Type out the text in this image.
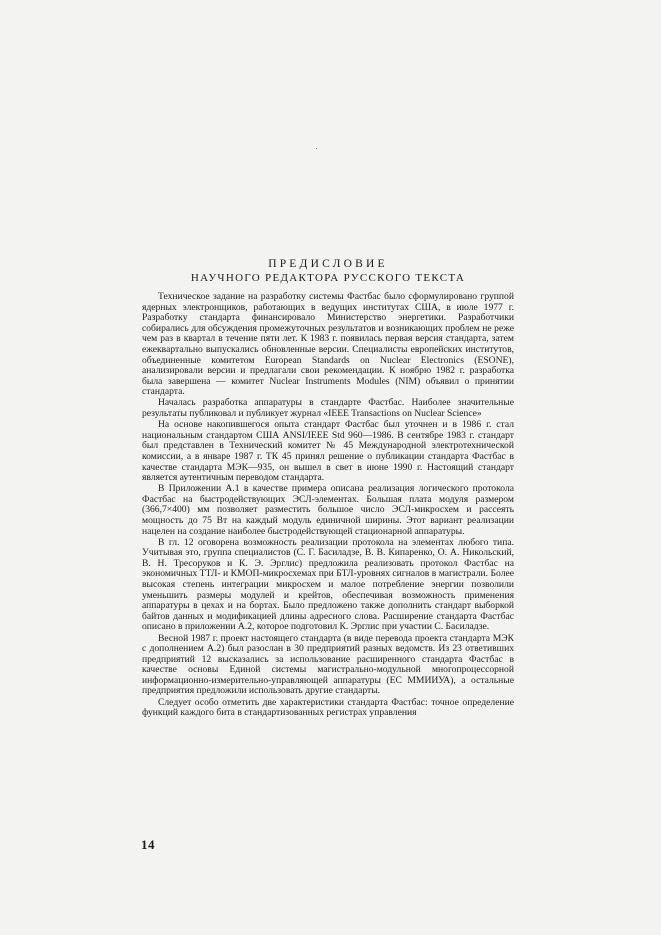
ПРЕДИСЛОВИЕ
НАУЧНОГО РЕДАКТОРА РУССКОГО ТЕКСТА

Техническое задание на разработку системы Фастбас было сформулировано группой ядерных электронщиков, работающих в ведущих институтах США, в июле 1977 г. Разработку стандарта финансировало Министерство энергетики. Разработчики собирались для обсуждения промежуточных результатов и возникающих проблем не реже чем раз в квартал в течение пяти лет. К 1983 г. появилась первая версия стандарта, затем ежеквартально выпускались обновленные версии. Специалисты европейских институтов, объединенные комитетом European Standards on Nuclear Electronics (ESONE), анализировали версии и предлагали свои рекомендации. К ноябрю 1982 г. разработка была завершена — комитет Nuclear Instruments Modules (NIM) объявил о принятии стандарта.

Началась разработка аппаратуры в стандарте Фастбас. Наиболее значительные результаты публиковал и публикует журнал «IEEE Transactions on Nuclear Science»

На основе накопившегося опыта стандарт Фастбас был уточнен и в 1986 г. стал национальным стандартом США ANSI/IEEE Std 960—1986. В сентябре 1983 г. стандарт был представлен в Технический комитет № 45 Международной электротехнической комиссии, а в январе 1987 г. ТК 45 принял решение о публикации стандарта Фастбас в качестве стандарта МЭК—935, он вышел в свет в июне 1990 г. Настоящий стандарт является аутентичным переводом стандарта.

В Приложении А.1 в качестве примера описана реализация логического протокола Фастбас на быстродействующих ЭСЛ-элементах. Большая плата модуля размером (366,7×400) мм позволяет разместить большое число ЭСЛ-микросхем и рассеять мощность до 75 Вт на каждый модуль единичной ширины. Этот вариант реализации нацелен на создание наиболее быстродействующей стационарной аппаратуры.

В гл. 12 оговорена возможность реализации протокола на элементах любого типа. Учитывая это, группа специалистов (С. Г. Басиладзе, В. В. Кипаренко, О. А. Никольский, В. Н. Тресоруков и К. Э. Эрглис) предложила реализовать протокол Фастбас на экономичных ТТЛ- и КМОП-микросхемах при БТЛ-уровнях сигналов в магистрали. Более высокая степень интеграции микросхем и малое потребление энергии позволили уменьшить размеры модулей и крейтов, обеспечивая возможность применения аппаратуры в цехах и на бортах. Было предложено также дополнить стандарт выборкой байтов данных и модификацией длины адресного слова. Расширение стандарта Фастбас описано в приложении А.2, которое подготовил К. Эрглис при участии С. Басиладзе.

Весной 1987 г. проект настоящего стандарта (в виде перевода проекта стандарта МЭК с дополнением А.2) был разослан в 30 предприятий разных ведомств. Из 23 ответивших предприятий 12 высказались за использование расширенного стандарта Фастбас в качестве основы Единой системы магистрально-модульной многопроцессорной информационно-измерительно-управляющей аппаратуры (ЕС ММИИУА), а остальные предприятия предложили использовать другие стандарты.

Следует особо отметить две характеристики стандарта Фастбас: точное определение функций каждого бита в стандартизованных регистрах управления

14
